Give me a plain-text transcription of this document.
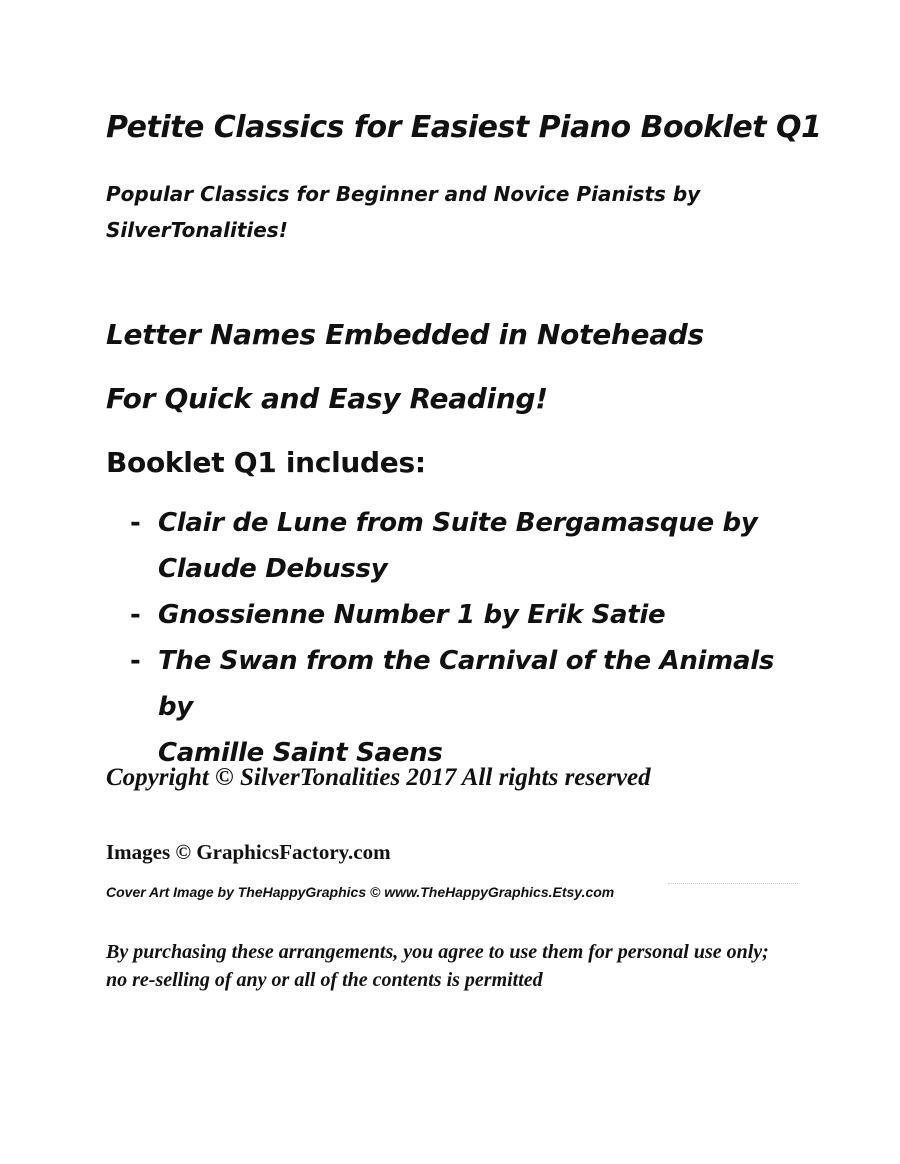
Petite Classics for Easiest Piano Booklet Q1

Popular Classics for Beginner and Novice Pianists by SilverTonalities!

Letter Names Embedded in Noteheads
For Quick and Easy Reading!
Booklet Q1 includes:
- Clair de Lune from Suite Bergamasque by
Claude Debussy
- Gnossienne Number 1 by Erik Satie
- The Swan from the Carnival of the Animals by
Camille Saint Saens

Copyright © SilverTonalities 2017 All rights reserved

Images © GraphicsFactory.com

Cover Art Image by TheHappyGraphics © www.TheHappyGraphics.Etsy.com

By purchasing these arrangements, you agree to use them for personal use only; no re-selling of any or all of the contents is permitted
